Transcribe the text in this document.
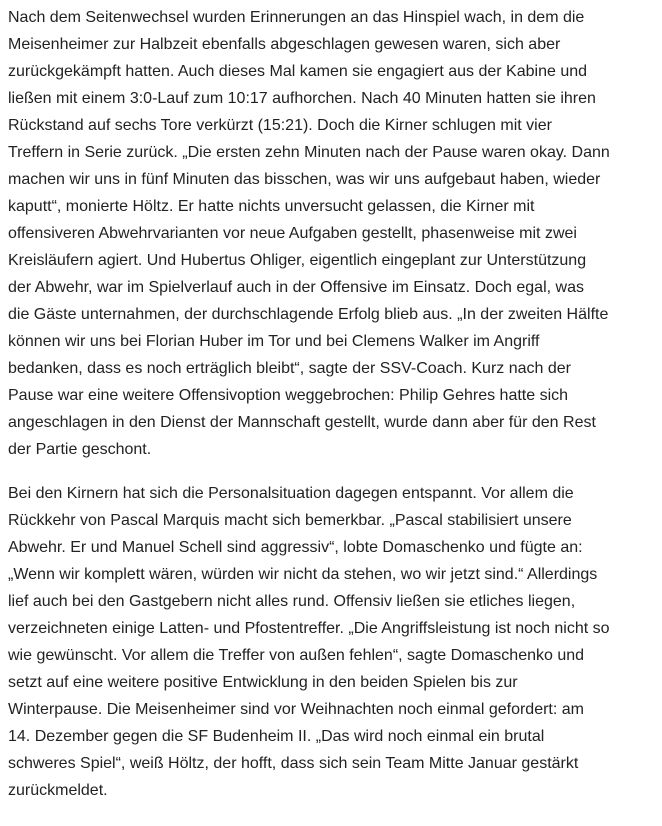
Nach dem Seitenwechsel wurden Erinnerungen an das Hinspiel wach, in dem die
Meisenheimer zur Halbzeit ebenfalls abgeschlagen gewesen waren, sich aber
zurückgekämpft hatten. Auch dieses Mal kamen sie engagiert aus der Kabine und
ließen mit einem 3:0-Lauf zum 10:17 aufhorchen. Nach 40 Minuten hatten sie ihren
Rückstand auf sechs Tore verkürzt (15:21). Doch die Kirner schlugen mit vier
Treffern in Serie zurück. „Die ersten zehn Minuten nach der Pause waren okay. Dann
machen wir uns in fünf Minuten das bisschen, was wir uns aufgebaut haben, wieder
kaputt“, monierte Höltz. Er hatte nichts unversucht gelassen, die Kirner mit
offensiveren Abwehrvarianten vor neue Aufgaben gestellt, phasenweise mit zwei
Kreisläufern agiert. Und Hubertus Ohliger, eigentlich eingeplant zur Unterstützung
der Abwehr, war im Spielverlauf auch in der Offensive im Einsatz. Doch egal, was
die Gäste unternahmen, der durchschlagende Erfolg blieb aus. „In der zweiten Hälfte
können wir uns bei Florian Huber im Tor und bei Clemens Walker im Angriff
bedanken, dass es noch erträglich bleibt“, sagte der SSV-Coach. Kurz nach der
Pause war eine weitere Offensivoption weggebrochen: Philip Gehres hatte sich
angeschlagen in den Dienst der Mannschaft gestellt, wurde dann aber für den Rest
der Partie geschont.

Bei den Kirnern hat sich die Personalsituation dagegen entspannt. Vor allem die
Rückkehr von Pascal Marquis macht sich bemerkbar. „Pascal stabilisiert unsere
Abwehr. Er und Manuel Schell sind aggressiv“, lobte Domaschenko und fügte an:
„Wenn wir komplett wären, würden wir nicht da stehen, wo wir jetzt sind.“ Allerdings
lief auch bei den Gastgebern nicht alles rund. Offensiv ließen sie etliches liegen,
verzeichneten einige Latten- und Pfostentreffer. „Die Angriffsleistung ist noch nicht so
wie gewünscht. Vor allem die Treffer von außen fehlen“, sagte Domaschenko und
setzt auf eine weitere positive Entwicklung in den beiden Spielen bis zur
Winterpause. Die Meisenheimer sind vor Weihnachten noch einmal gefordert: am
14. Dezember gegen die SF Budenheim II. „Das wird noch einmal ein brutal
schweres Spiel“, weiß Höltz, der hofft, dass sich sein Team Mitte Januar gestärkt
zurückmeldet.
